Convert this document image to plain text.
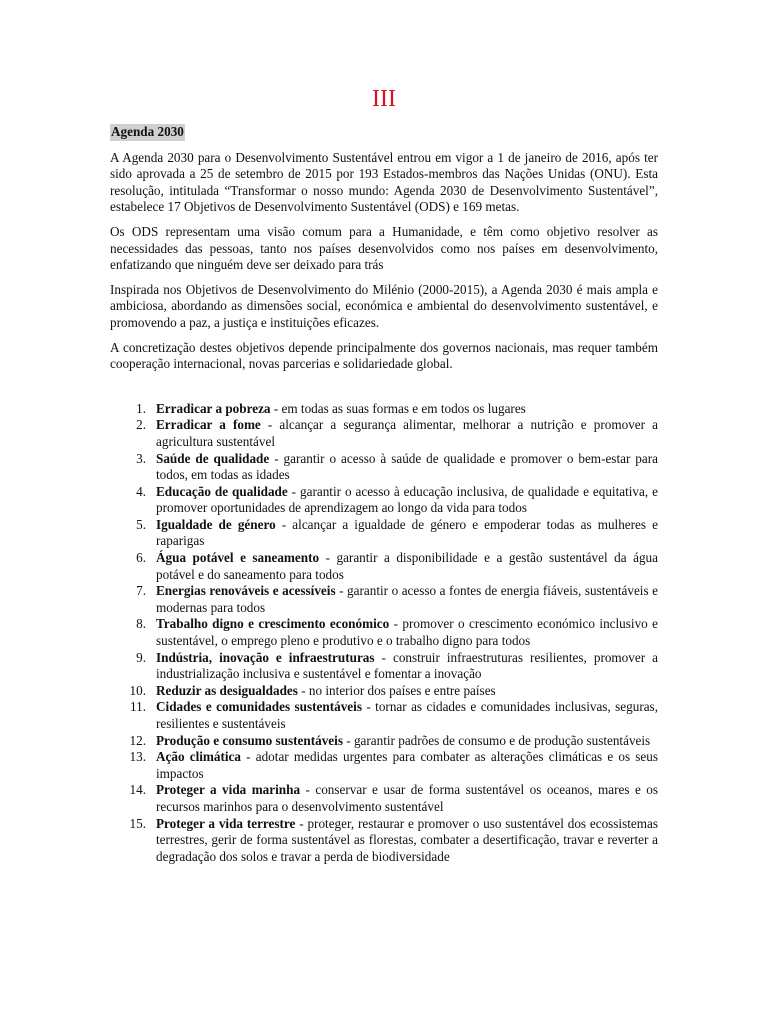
III
Agenda 2030

A Agenda 2030 para o Desenvolvimento Sustentável entrou em vigor a 1 de janeiro de 2016, após ter sido aprovada a 25 de setembro de 2015 por 193 Estados-membros das Nações Unidas (ONU). Esta resolução, intitulada “Transformar o nosso mundo: Agenda 2030 de Desenvolvimento Sustentável”, estabelece 17 Objetivos de Desenvolvimento Sustentável (ODS) e 169 metas.

Os ODS representam uma visão comum para a Humanidade, e têm como objetivo resolver as necessidades das pessoas, tanto nos países desenvolvidos como nos países em desenvolvimento, enfatizando que ninguém deve ser deixado para trás

Inspirada nos Objetivos de Desenvolvimento do Milénio (2000-2015), a Agenda 2030 é mais ampla e ambiciosa, abordando as dimensões social, económica e ambiental do desenvolvimento sustentável, e promovendo a paz, a justiça e instituições eficazes.

A concretização destes objetivos depende principalmente dos governos nacionais, mas requer também cooperação internacional, novas parcerias e solidariedade global.

1. Erradicar a pobreza - em todas as suas formas e em todos os lugares
2. Erradicar a fome - alcançar a segurança alimentar, melhorar a nutrição e promover a agricultura sustentável
3. Saúde de qualidade - garantir o acesso à saúde de qualidade e promover o bem-estar para todos, em todas as idades
4. Educação de qualidade - garantir o acesso à educação inclusiva, de qualidade e equitativa, e promover oportunidades de aprendizagem ao longo da vida para todos
5. Igualdade de género - alcançar a igualdade de género e empoderar todas as mulheres e raparigas
6. Água potável e saneamento - garantir a disponibilidade e a gestão sustentável da água potável e do saneamento para todos
7. Energias renováveis e acessíveis - garantir o acesso a fontes de energia fiáveis, sustentáveis e modernas para todos
8. Trabalho digno e crescimento económico - promover o crescimento económico inclusivo e sustentável, o emprego pleno e produtivo e o trabalho digno para todos
9. Indústria, inovação e infraestruturas - construir infraestruturas resilientes, promover a industrialização inclusiva e sustentável e fomentar a inovação
10. Reduzir as desigualdades - no interior dos países e entre países
11. Cidades e comunidades sustentáveis - tornar as cidades e comunidades inclusivas, seguras, resilientes e sustentáveis
12. Produção e consumo sustentáveis - garantir padrões de consumo e de produção sustentáveis
13. Ação climática - adotar medidas urgentes para combater as alterações climáticas e os seus impactos
14. Proteger a vida marinha - conservar e usar de forma sustentável os oceanos, mares e os recursos marinhos para o desenvolvimento sustentável
15. Proteger a vida terrestre - proteger, restaurar e promover o uso sustentável dos ecossistemas terrestres, gerir de forma sustentável as florestas, combater a desertificação, travar e reverter a degradação dos solos e travar a perda de biodiversidade
